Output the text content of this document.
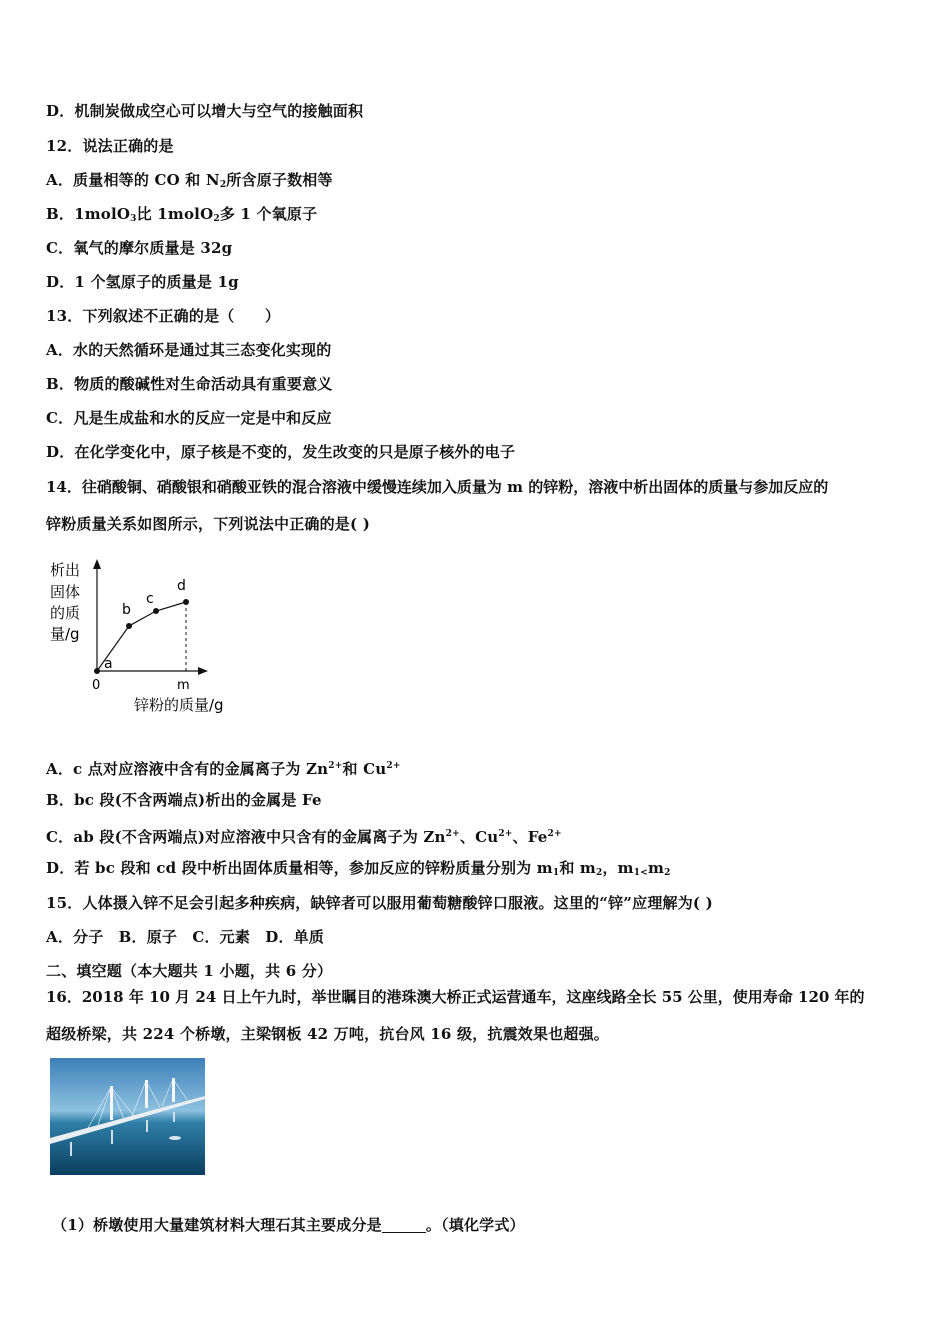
D．机制炭做成空心可以增大与空气的接触面积
12．说法正确的是
A．质量相等的 CO 和 $N_2$所含原子数相等
B．1molO$_3$比 1molO$_2$多 1 个氧原子
C．氧气的摩尔质量是 32g
D．1 个氢原子的质量是 1g
13．下列叙述不正确的是（　　）
A．水的天然循环是通过其三态变化实现的
B．物质的酸碱性对生命活动具有重要意义
C．凡是生成盐和水的反应一定是中和反应
D．在化学变化中，原子核是不变的，发生改变的只是原子核外的电子
14．往硝酸铜、硝酸银和硝酸亚铁的混合溶液中缓慢连续加入质量为 m 的锌粉，溶液中析出固体的质量与参加反应的
锌粉质量关系如图所示，下列说法中正确的是( )
析出
固体
的质
量/g
a
b
c
d
0	m
锌粉的质量/g
A．c 点对应溶液中含有的金属离子为 $Zn^{2+}$和 $Cu^{2+}$
B．bc 段(不含两端点)析出的金属是 Fe
C．ab 段(不含两端点)对应溶液中只含有的金属离子为 $Zn^{2+}$、$Cu^{2+}$、$Fe^{2+}$
D．若 bc 段和 cd 段中析出固体质量相等，参加反应的锌粉质量分别为 $m_1$和 $m_2$，$m_{1<}m_2$
15．人体摄入锌不足会引起多种疾病，缺锌者可以服用葡萄糖酸锌口服液。这里的“锌”应理解为( )
A．分子　B．原子　C．元素　D．单质
二、填空题（本大题共 1 小题，共 6 分）
16．2018 年 10 月 24 日上午九时，举世瞩目的港珠澳大桥正式运营通车，这座线路全长 55 公里，使用寿命 120 年的
超级桥梁，共 224 个桥墩，主梁钢板 42 万吨，抗台风 16 级，抗震效果也超强。
（1）桥墩使用大量建筑材料大理石其主要成分是	。（填化学式）
